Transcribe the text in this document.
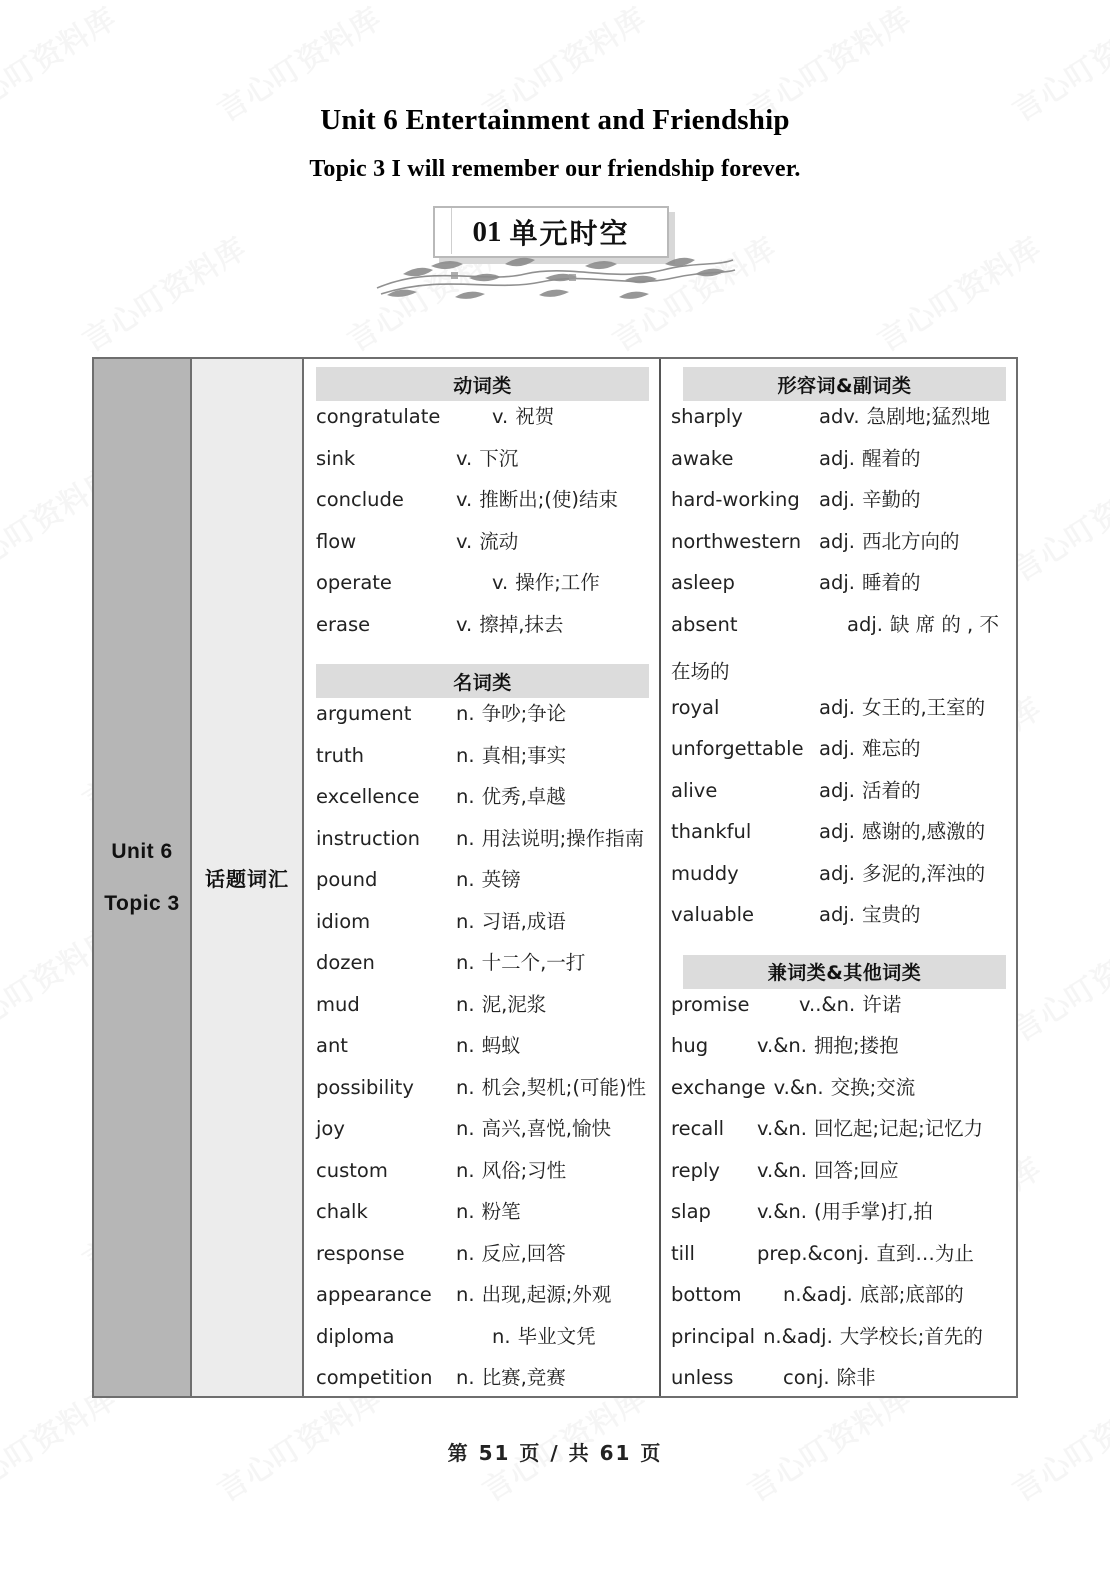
Unit 6 Entertainment and Friendship
Topic 3 I will remember our friendship forever.
01 单元时空
Unit 6
Topic 3
话题词汇
动词类
congratulate	v. 祝贺
sink	v. 下沉
conclude	v. 推断出;(使)结束
flow	v. 流动
operate	v. 操作;工作
erase	v. 擦掉,抹去
名词类
argument	n. 争吵;争论
truth	n. 真相;事实
excellence	n. 优秀,卓越
instruction	n. 用法说明;操作指南
pound	n. 英镑
idiom	n. 习语,成语
dozen	n. 十二个,一打
mud	n. 泥,泥浆
ant	n. 蚂蚁
possibility	n. 机会,契机;(可能)性
joy	n. 高兴,喜悦,愉快
custom	n. 风俗;习性
chalk	n. 粉笔
response	n. 反应,回答
appearance	n. 出现,起源;外观
diploma	n. 毕业文凭
competition	n. 比赛,竞赛
形容词&副词类
sharply	adv. 急剧地;猛烈地
awake	adj. 醒着的
hard-working adj. 辛勤的
northwestern adj. 西北方向的
asleep	adj. 睡着的
absent	adj. 缺 席 的 , 不
在场的
royal	adj. 女王的,王室的
unforgettable adj. 难忘的
alive	adj. 活着的
thankful	adj. 感谢的,感激的
muddy	adj. 多泥的,浑浊的
valuable	adj. 宝贵的
兼词类&其他词类
promise	v..&n. 许诺
hug	v.&n. 拥抱;搂抱
exchange v.&n. 交换;交流
recall	v.&n. 回忆起;记起;记忆力
reply	v.&n. 回答;回应
slap	v.&n. (用手掌)打,拍
till	prep.&conj. 直到…为止
bottom	n.&adj. 底部;底部的
principal n.&adj. 大学校长;首先的
unless	conj. 除非
第 51 页 / 共 61 页
